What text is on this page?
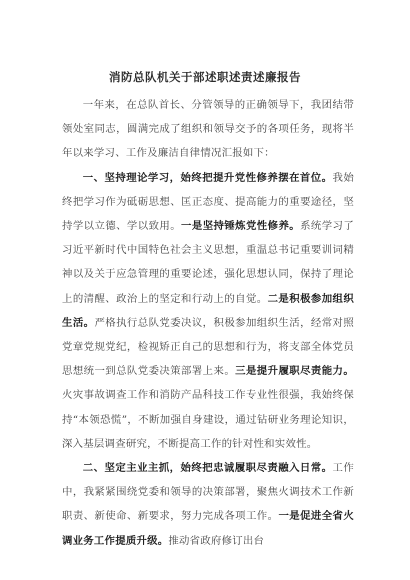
消防总队机关于部述职述责述廉报告

一年来，在总队首长、分管领导的正确领导下，我团结带领处室同志，圆满完成了组织和领导交予的各项任务，现将半年以来学习、工作及廉洁自律情况汇报如下：

一、坚持理论学习，始终把提升党性修养摆在首位。我始终把学习作为砥砺思想、匡正态度、提高能力的重要途径，坚持学以立德、学以致用。一是坚持锤炼党性修养。系统学习了习近平新时代中国特色社会主义思想，重温总书记重要训词精神以及关于应急管理的重要论述，强化思想认同，保持了理论上的清醒、政治上的坚定和行动上的自觉。二是积极参加组织生活。严格执行总队党委决议，积极参加组织生活，经常对照党章党规党纪，检视矫正自己的思想和行为，将支部全体党员思想统一到总队党委决策部署上来。三是提升履职尽责能力。火灾事故调查工作和消防产品科技工作专业性很强，我始终保持“本领恐慌”，不断加强自身建设，通过钻研业务理论知识，深入基层调查研究，不断提高工作的针对性和实效性。

二、坚定主业主抓，始终把忠诚履职尽责融入日常。工作中，我紧紧围绕党委和领导的决策部署，聚焦火调技术工作新职责、新使命、新要求，努力完成各项工作。一是促进全省火调业务工作提质升级。推动省政府修订出台
